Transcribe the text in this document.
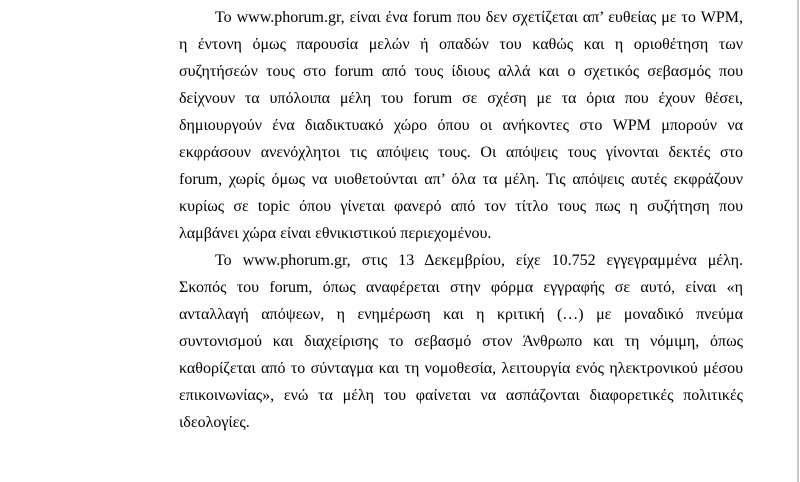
Το www.phorum.gr, είναι ένα forum που δεν σχετίζεται απ’ ευθείας με το WPM,
η έντονη όμως παρουσία μελών ή οπαδών του καθώς και η οριοθέτηση των
συζητήσεών τους στο forum από τους ίδιους αλλά και ο σχετικός σεβασμός που
δείχνουν τα υπόλοιπα μέλη του forum σε σχέση με τα όρια που έχουν θέσει,
δημιουργούν ένα διαδικτυακό χώρο όπου οι ανήκοντες στο WPM μπορούν να
εκφράσουν ανενόχλητοι τις απόψεις τους. Οι απόψεις τους γίνονται δεκτές στο
forum, χωρίς όμως να υιοθετούνται απ’ όλα τα μέλη. Τις απόψεις αυτές εκφράζουν
κυρίως σε topic όπου γίνεται φανερό από τον τίτλο τους πως η συζήτηση που
λαμβάνει χώρα είναι εθνικιστικού περιεχομένου.
Το www.phorum.gr, στις 13 Δεκεμβρίου, είχε 10.752 εγγεγραμμένα μέλη.
Σκοπός του forum, όπως αναφέρεται στην φόρμα εγγραφής σε αυτό, είναι «η
ανταλλαγή απόψεων, η ενημέρωση και η κριτική (…) με μοναδικό πνεύμα
συντονισμού και διαχείρισης το σεβασμό στον Άνθρωπο και τη νόμιμη, όπως
καθορίζεται από το σύνταγμα και τη νομοθεσία, λειτουργία ενός ηλεκτρονικού μέσου
επικοινωνίας», ενώ τα μέλη του φαίνεται να ασπάζονται διαφορετικές πολιτικές
ιδεολογίες.
